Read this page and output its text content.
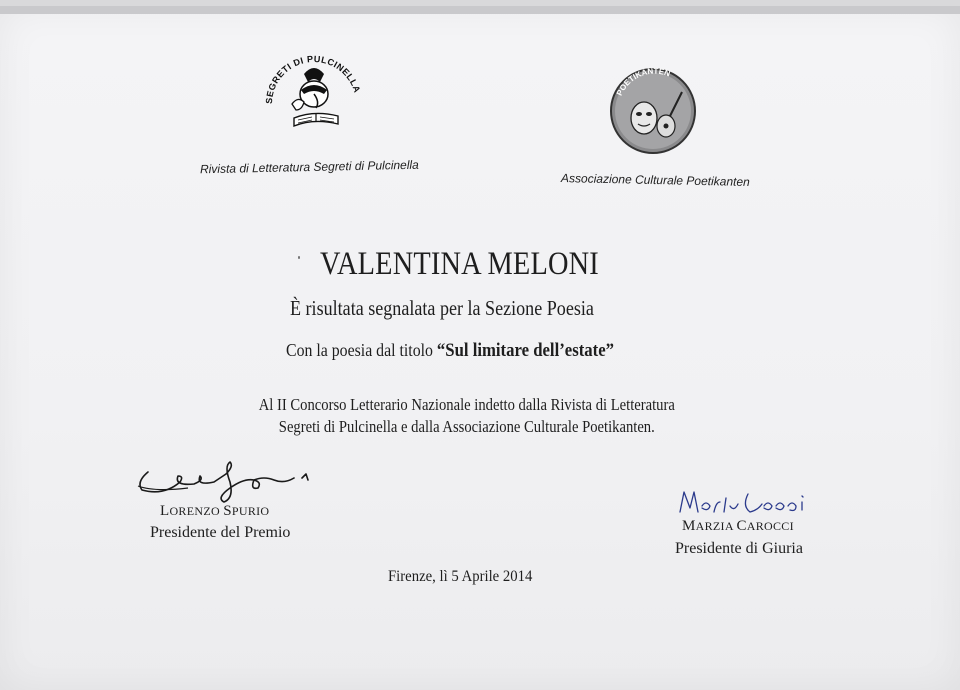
SEGRETI DI PULCINELLA	POETIKANTEN
Rivista di Letteratura Segreti di Pulcinella
Associazione Culturale Poetikanten
VALENTINA MELONI
È risultata segnalata per la Sezione Poesia
Con la poesia dal titolo “Sul limitare dell’estate”
Al II Concorso Letterario Nazionale indetto dalla Rivista di Letteratura
Segreti di Pulcinella e dalla Associazione Culturale Poetikanten.
LORENZO SPURIO
Presidente del Premio	MARZIA CAROCCI
Presidente di Giuria
Firenze, lì 5 Aprile 2014
